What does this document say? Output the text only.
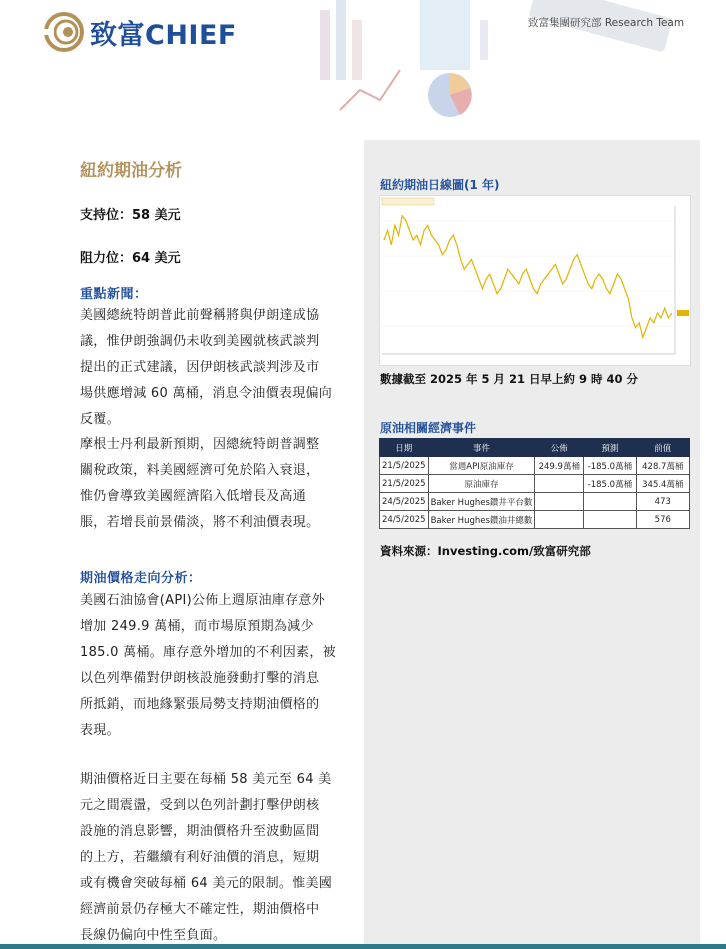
致富CHIEF	致富集團研究部 Research Team
紐約期油分析
支持位：58 美元
阻力位：64 美元
重點新聞：
美國總統特朗普此前聲稱將與伊朗達成協
議，惟伊朗強調仍未收到美國就核武談判
提出的正式建議，因伊朗核武談判涉及市
場供應增減 60 萬桶，消息令油價表現偏向
反覆。
摩根士丹利最新預期，因總統特朗普調整
關稅政策，料美國經濟可免於陷入衰退，
惟仍會導致美國經濟陷入低增長及高通
脹，若增長前景備淡，將不利油價表現。
期油價格走向分析：
美國石油協會(API)公佈上週原油庫存意外
增加 249.9 萬桶，而市場原預期為減少
185.0 萬桶。庫存意外增加的不利因素，被
以色列準備對伊朗核設施發動打擊的消息
所抵銷，而地緣緊張局勢支持期油價格的
表現。
期油價格近日主要在每桶 58 美元至 64 美
元之間震盪，受到以色列計劃打擊伊朗核
設施的消息影響，期油價格升至波動區間
的上方，若繼續有利好油價的消息，短期
或有機會突破每桶 64 美元的限制。惟美國
經濟前景仍存極大不確定性，期油價格中
長線仍偏向中性至負面。
紐約期油日線圖(1 年)
數據截至 2025 年 5 月 21 日早上約 9 時 40 分
原油相關經濟事件
日期	事件	公佈	預測	前值
21/5/2025	當週API原油庫存	249.9萬桶	-185.0萬桶	428.7萬桶
21/5/2025	原油庫存		-185.0萬桶	345.4萬桶
24/5/2025	Baker Hughes鑽井平台數			473
24/5/2025	Baker Hughes鑽油井總數			576
資料來源：Investing.com/致富研究部
